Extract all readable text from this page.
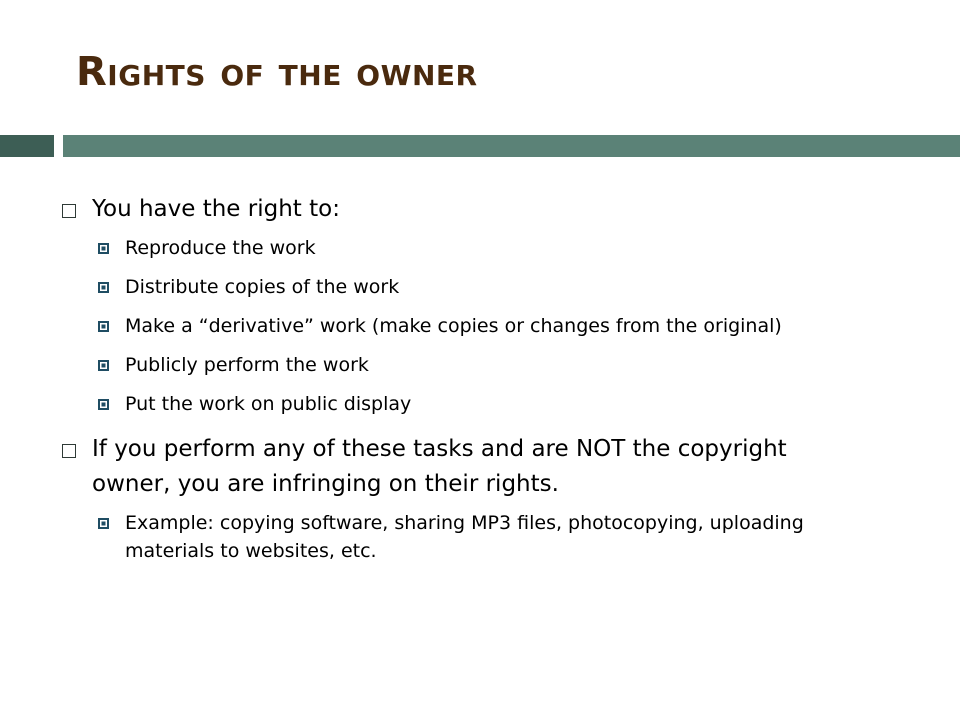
Rights of the owner
You have the right to:
Reproduce the work
Distribute copies of the work
Make a “derivative” work (make copies or changes from the original)
Publicly perform the work
Put the work on public display
If you perform any of these tasks and are NOT the copyright owner, you are infringing on their rights.
Example: copying software, sharing MP3 files, photocopying, uploading materials to websites, etc.
